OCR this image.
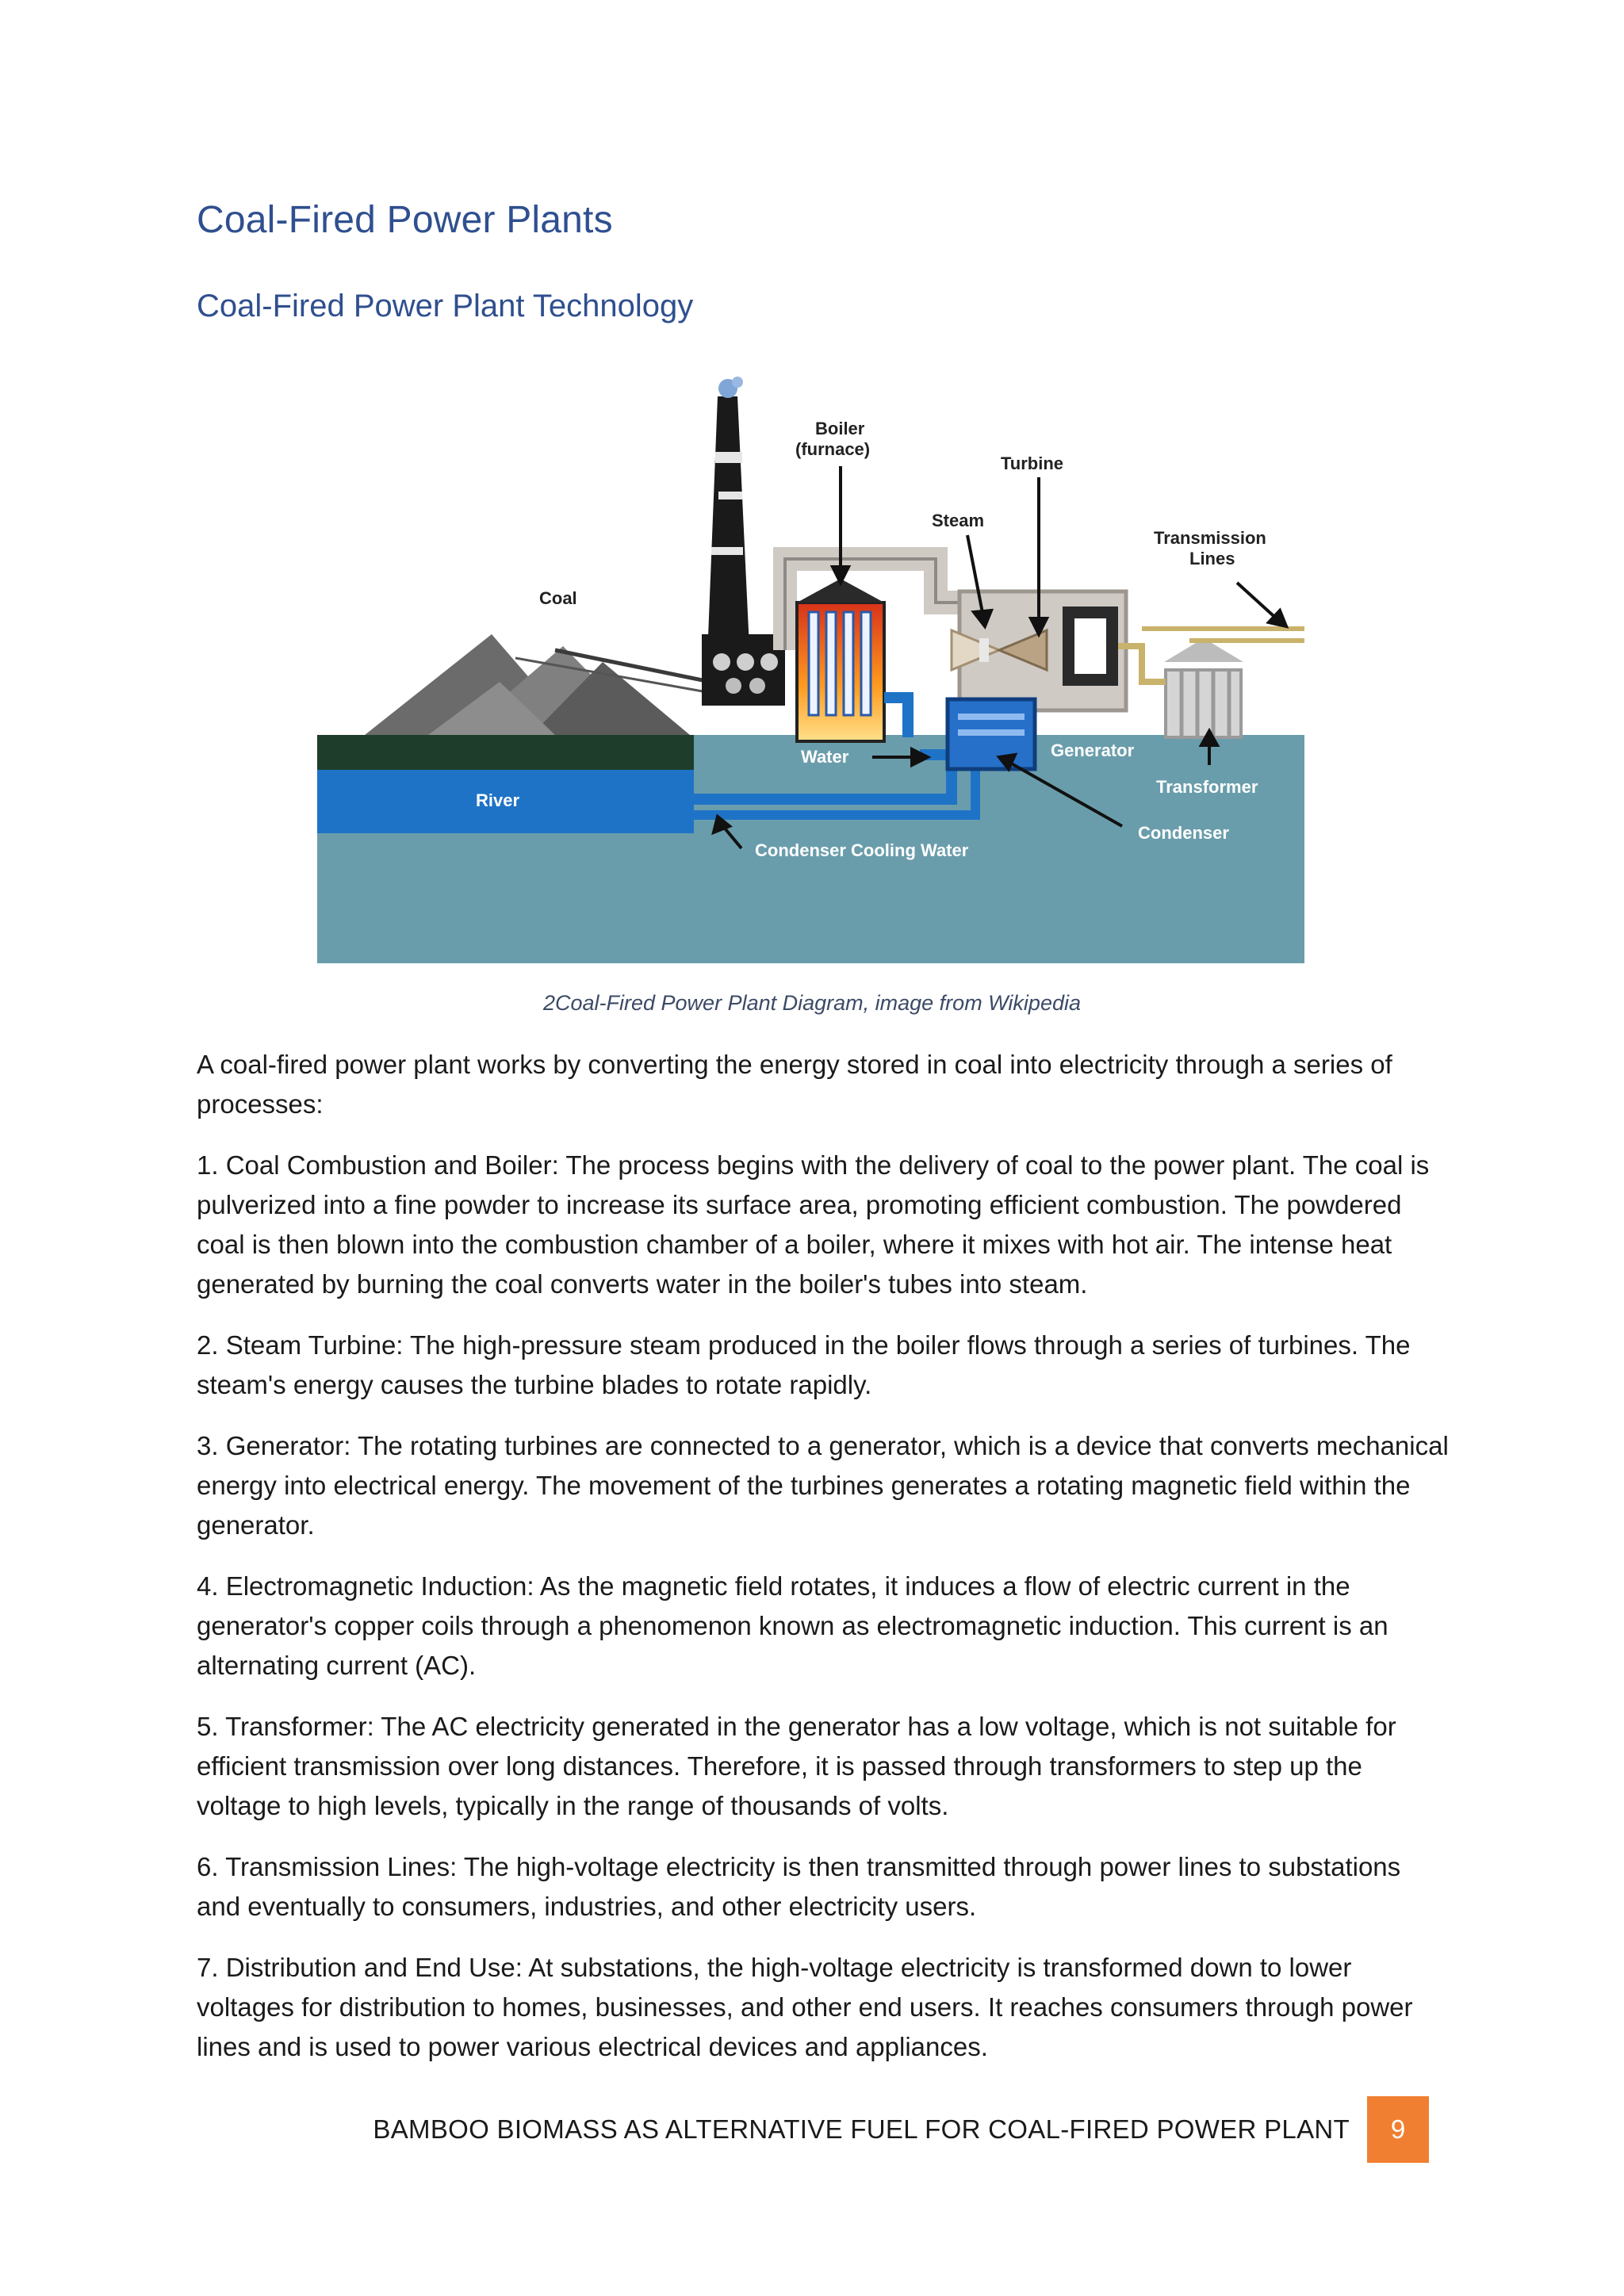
Coal-Fired Power Plants
Coal-Fired Power Plant Technology
Boiler
(furnace)
Turbine
Steam
Transmission
Lines
Coal
Water	Generator
Transformer
River
Condenser Cooling Water
Condenser
2Coal-Fired Power Plant Diagram, image from Wikipedia

A coal-fired power plant works by converting the energy stored in coal into electricity through a series of processes:

1. Coal Combustion and Boiler: The process begins with the delivery of coal to the power plant. The coal is pulverized into a fine powder to increase its surface area, promoting efficient combustion. The powdered coal is then blown into the combustion chamber of a boiler, where it mixes with hot air. The intense heat generated by burning the coal converts water in the boiler's tubes into steam.

2. Steam Turbine: The high-pressure steam produced in the boiler flows through a series of turbines. The steam's energy causes the turbine blades to rotate rapidly.

3. Generator: The rotating turbines are connected to a generator, which is a device that converts mechanical energy into electrical energy. The movement of the turbines generates a rotating magnetic field within the generator.

4. Electromagnetic Induction: As the magnetic field rotates, it induces a flow of electric current in the generator's copper coils through a phenomenon known as electromagnetic induction. This current is an alternating current (AC).

5. Transformer: The AC electricity generated in the generator has a low voltage, which is not suitable for efficient transmission over long distances. Therefore, it is passed through transformers to step up the voltage to high levels, typically in the range of thousands of volts.

6. Transmission Lines: The high-voltage electricity is then transmitted through power lines to substations and eventually to consumers, industries, and other electricity users.

7. Distribution and End Use: At substations, the high-voltage electricity is transformed down to lower voltages for distribution to homes, businesses, and other end users. It reaches consumers through power lines and is used to power various electrical devices and appliances.

BAMBOO BIOMASS AS ALTERNATIVE FUEL FOR COAL-FIRED POWER PLANT	9
